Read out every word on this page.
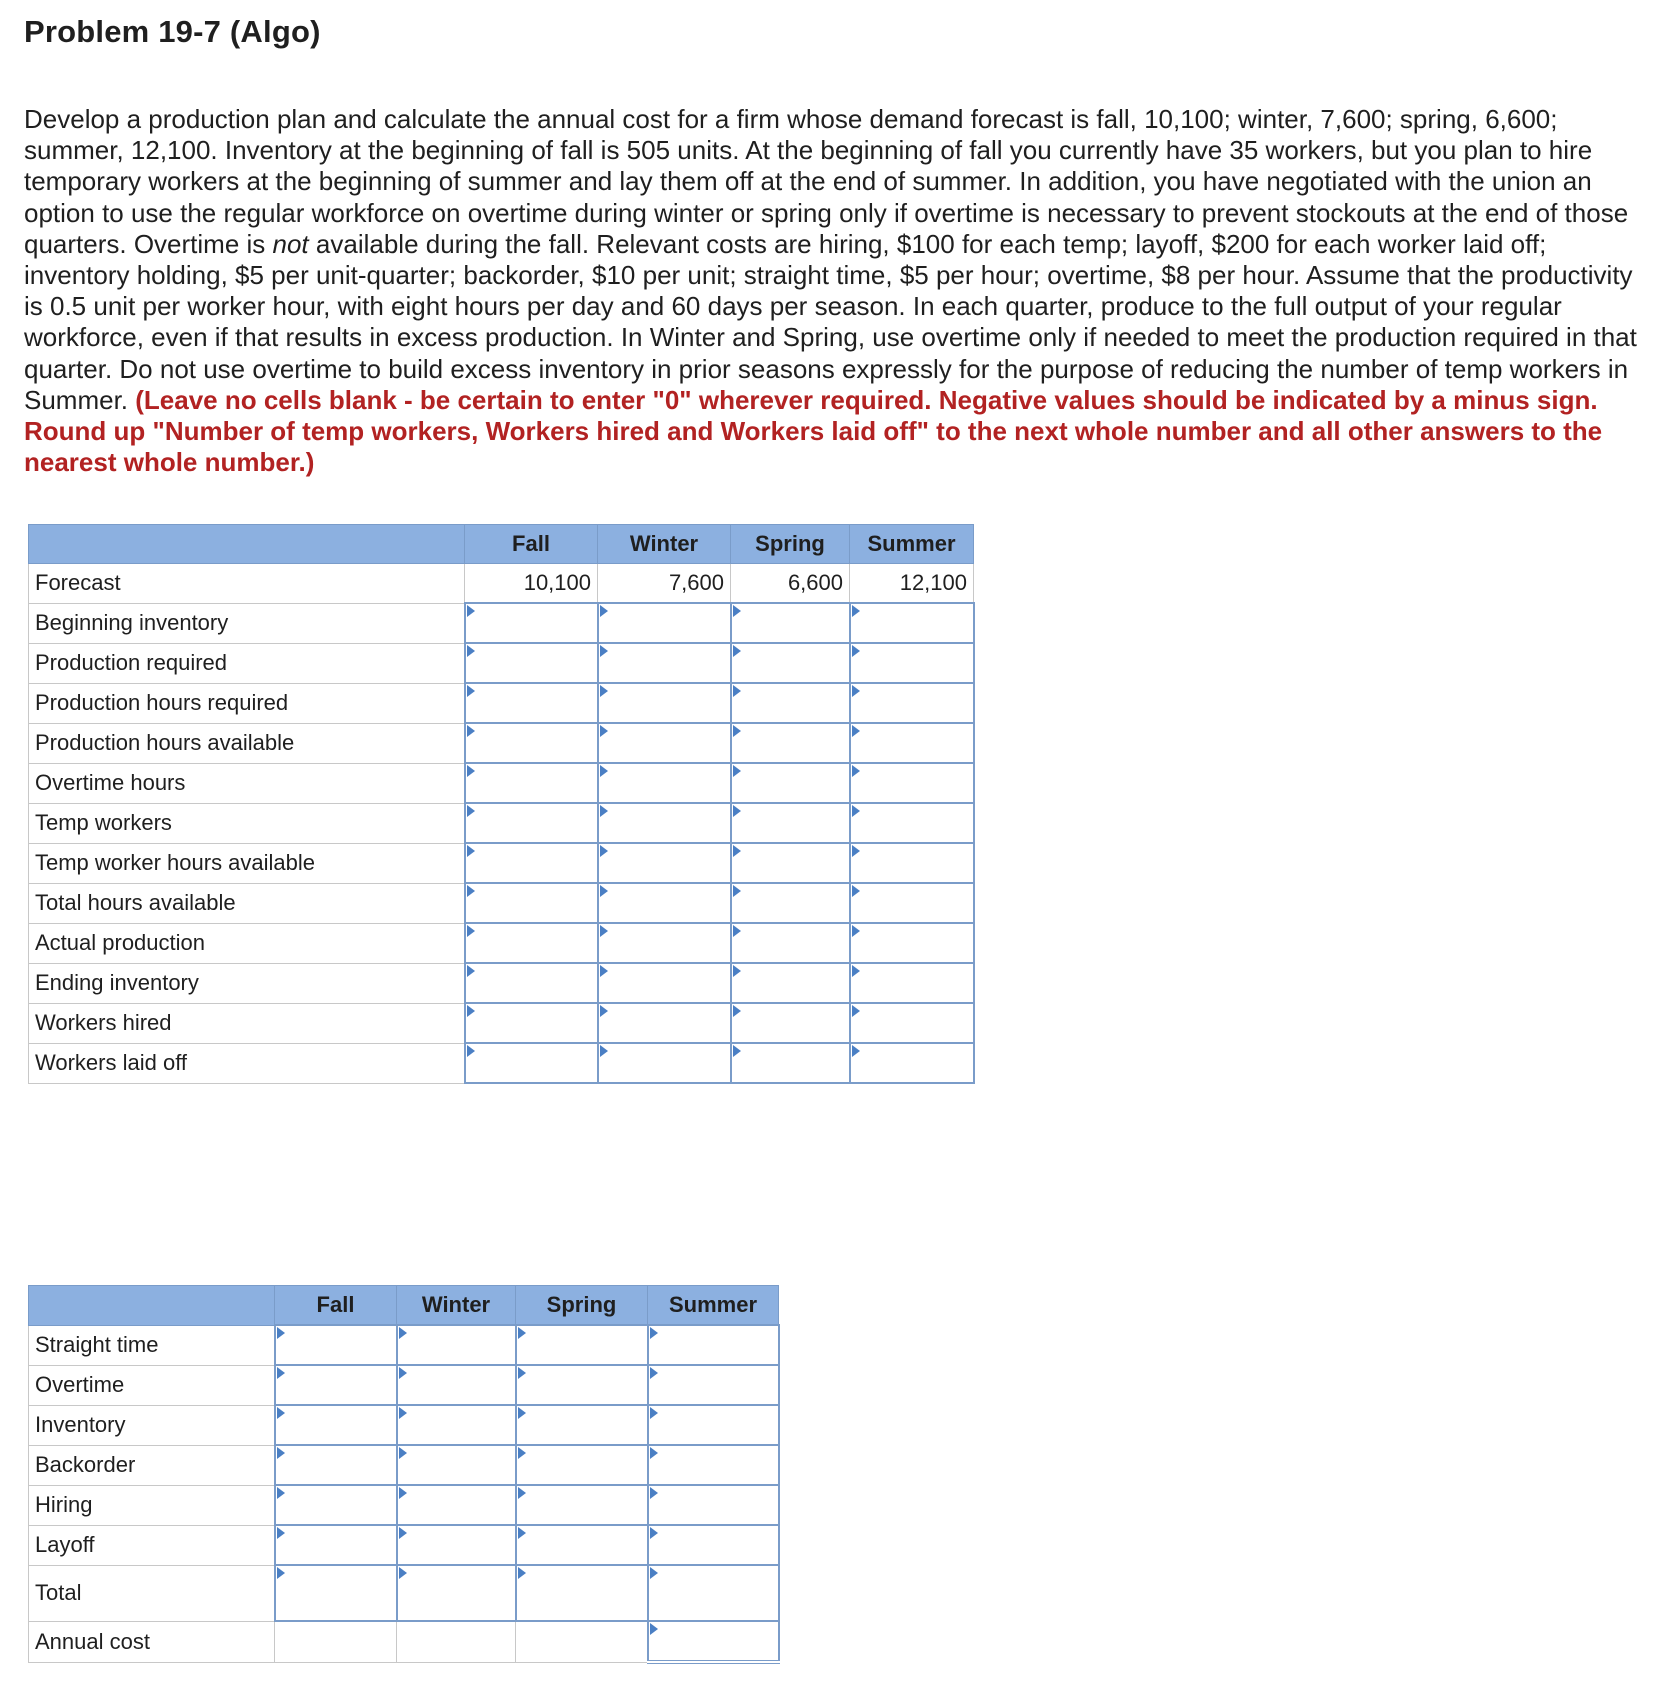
Problem 19-7 (Algo)

Develop a production plan and calculate the annual cost for a firm whose demand forecast is fall, 10,100; winter, 7,600; spring, 6,600; summer, 12,100. Inventory at the beginning of fall is 505 units. At the beginning of fall you currently have 35 workers, but you plan to hire temporary workers at the beginning of summer and lay them off at the end of summer. In addition, you have negotiated with the union an option to use the regular workforce on overtime during winter or spring only if overtime is necessary to prevent stockouts at the end of those quarters. Overtime is not available during the fall. Relevant costs are hiring, $100 for each temp; layoff, $200 for each worker laid off; inventory holding, $5 per unit-quarter; backorder, $10 per unit; straight time, $5 per hour; overtime, $8 per hour. Assume that the productivity is 0.5 unit per worker hour, with eight hours per day and 60 days per season. In each quarter, produce to the full output of your regular workforce, even if that results in excess production. In Winter and Spring, use overtime only if needed to meet the production required in that quarter. Do not use overtime to build excess inventory in prior seasons expressly for the purpose of reducing the number of temp workers in Summer. (Leave no cells blank - be certain to enter "0" wherever required. Negative values should be indicated by a minus sign. Round up "Number of temp workers, Workers hired and Workers laid off" to the next whole number and all other answers to the nearest whole number.)

	Fall	Winter	Spring	Summer
Forecast	10,100	7,600	6,600	12,100
Beginning inventory				
Production required				
Production hours required				
Production hours available				
Overtime hours				
Temp workers				
Temp worker hours available				
Total hours available				
Actual production				
Ending inventory				
Workers hired				
Workers laid off				
	Fall	Winter	Spring	Summer
Straight time				
Overtime				
Inventory				
Backorder				
Hiring				
Layoff				
Total				
Annual cost				
